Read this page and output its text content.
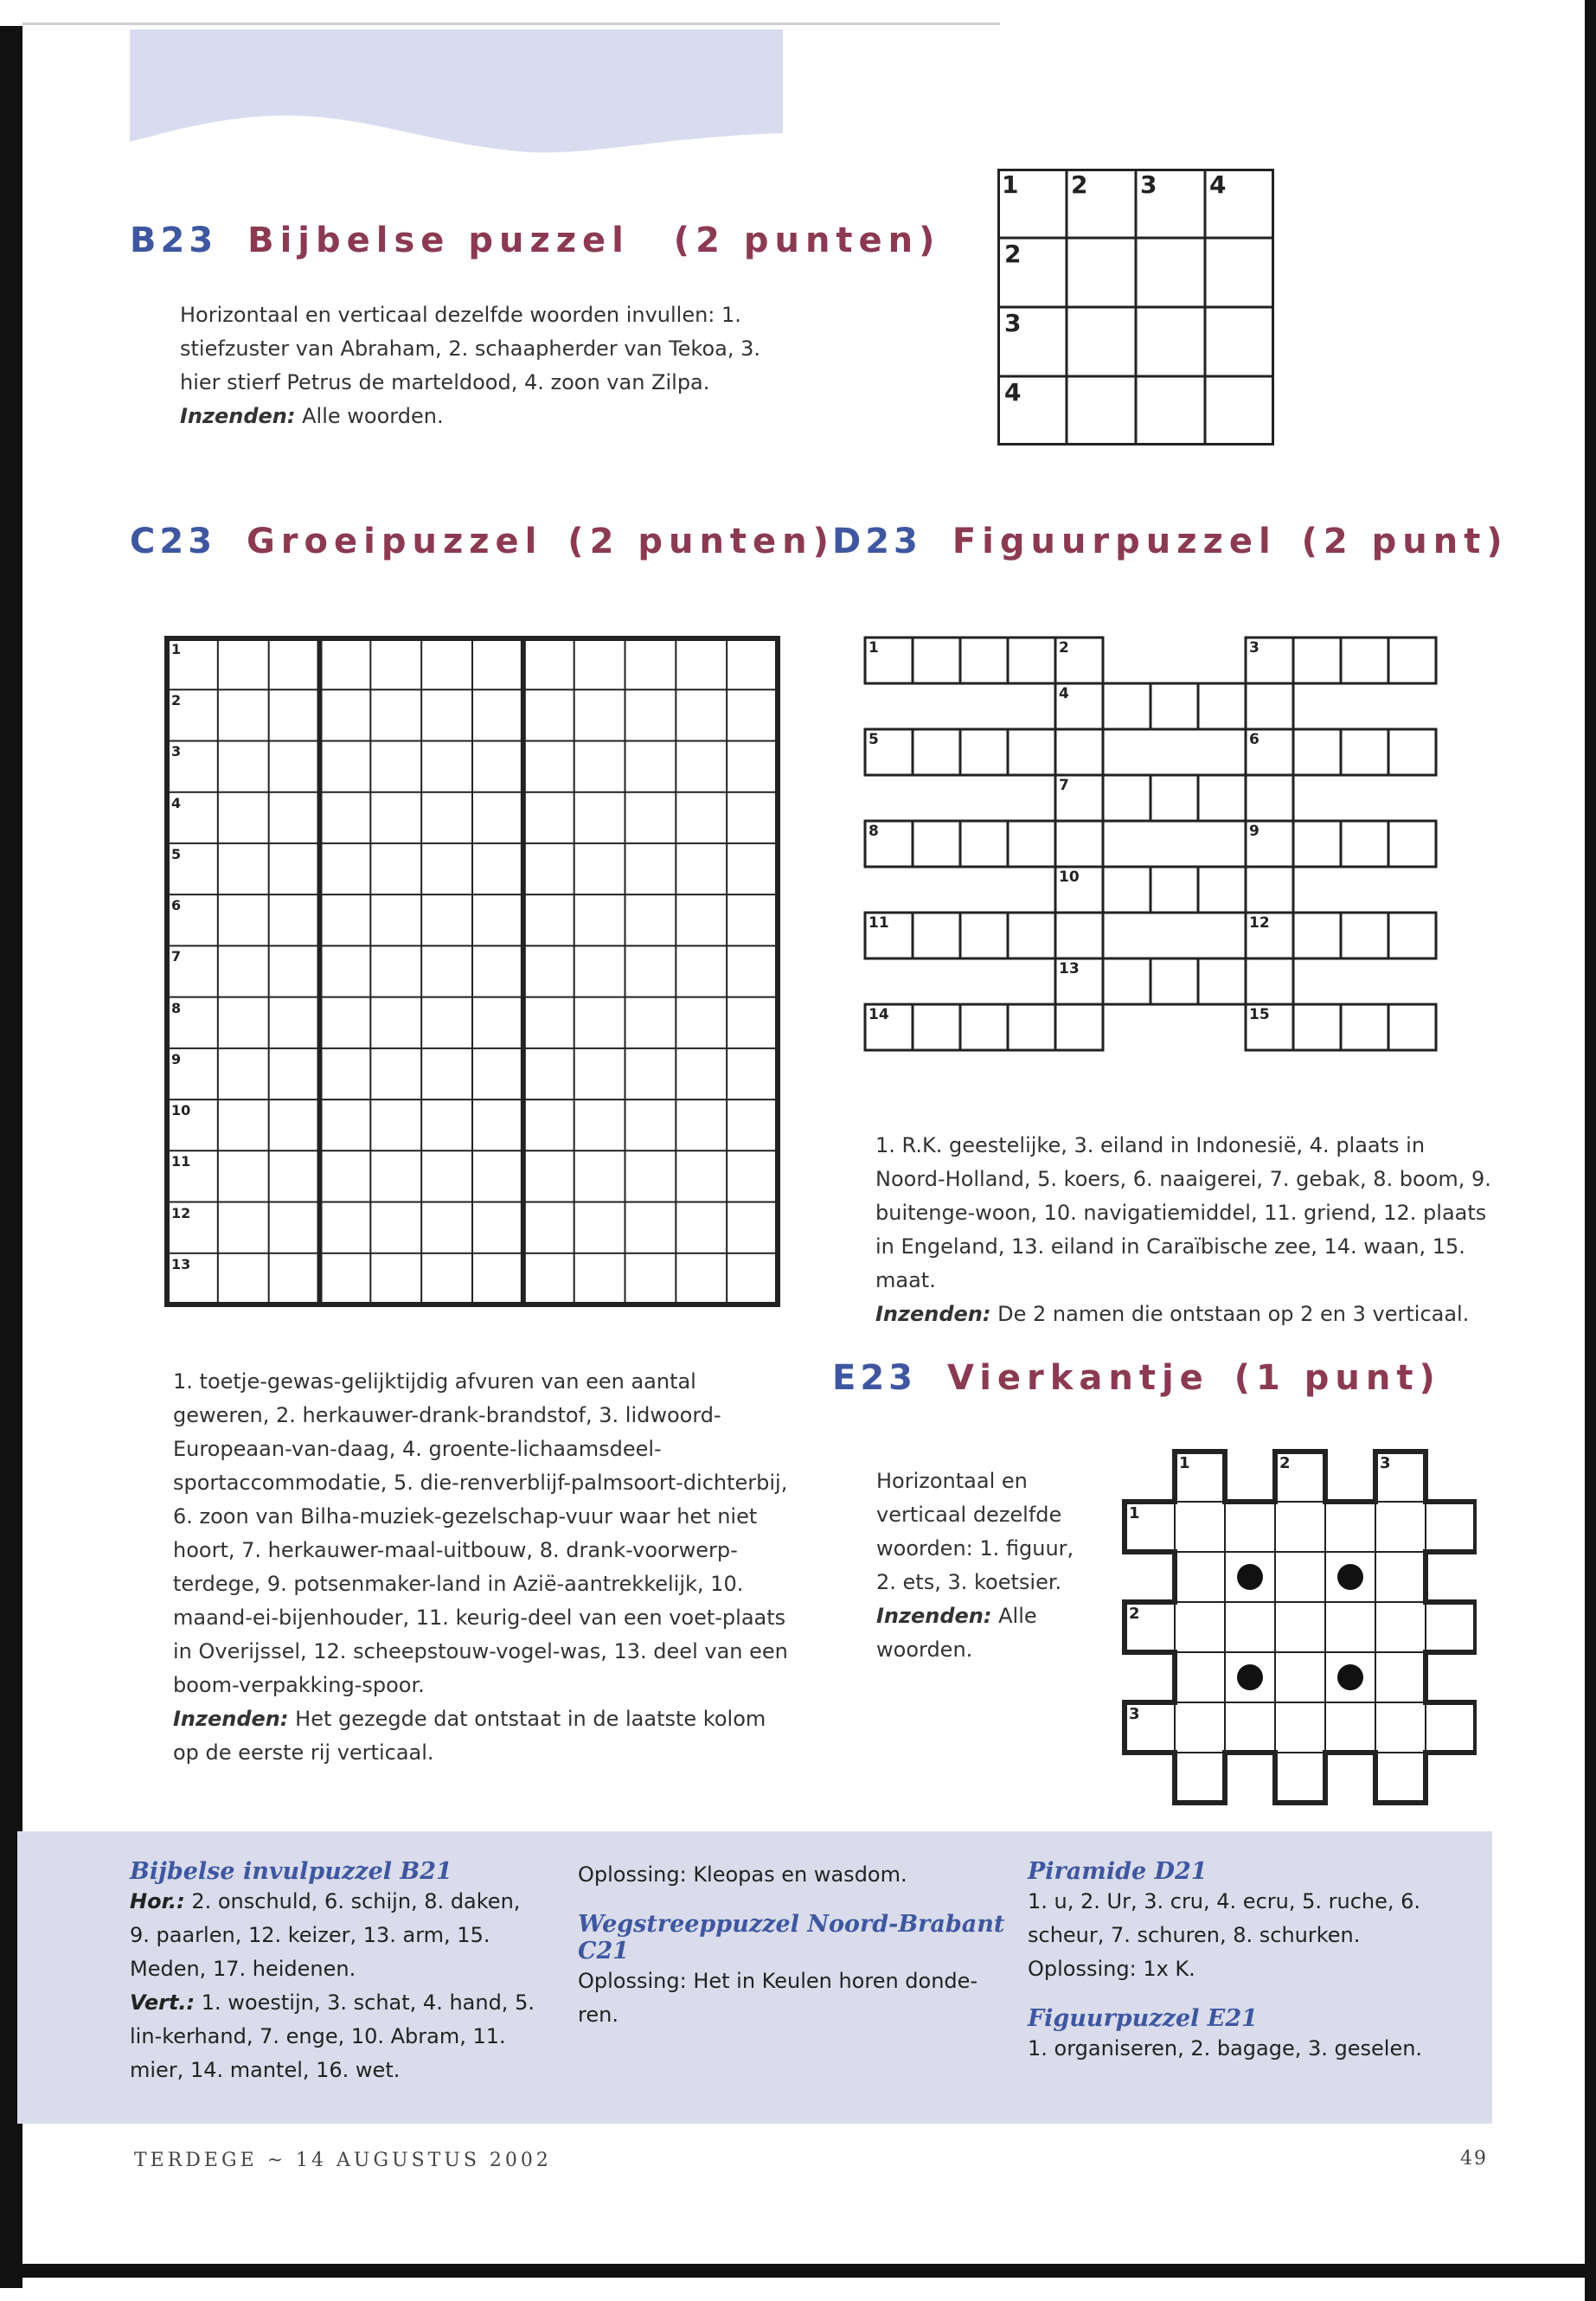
B23 Bijbelse puzzel (2 punten)
Horizontaal en verticaal dezelfde woorden invullen: 1. stiefzuster van Abraham, 2. schaapherder van Tekoa, 3. hier stierf Petrus de marteldood, 4. zoon van Zilpa.
Inzenden: Alle woorden.
1 2 3 4
2
3
4
C23 Groeipuzzel (2 punten)
1
2
3
4
5
6
7
8
9
10
11
12
13
1. toetje-gewas-gelijktijdig afvuren van een aantal geweren, 2. herkauwer-drank-brandstof, 3. lidwoord-Europeaan-van-daag, 4. groente-lichaamsdeel-sportaccommodatie, 5. die-renverblijf-palmsoort-dichterbij, 6. zoon van Bilha-muziek-gezelschap-vuur waar het niet hoort, 7. herkauwer-maal-uitbouw, 8. drank-voorwerp-terdege, 9. potsenmaker-land in Azië-aantrekkelijk, 10. maand-ei-bijenhouder, 11. keurig-deel van een voet-plaats in Overijssel, 12. scheepstouw-vogel-was, 13. deel van een boom-verpakking-spoor.
Inzenden: Het gezegde dat ontstaat in de laatste kolom op de eerste rij verticaal.
D23 Figuurpuzzel (2 punt)
1	2	3
4
5	6
7
8	9
10
11	12
13
14	15
1. R.K. geestelijke, 3. eiland in Indonesië, 4. plaats in Noord-Holland, 5. koers, 6. naaigerei, 7. gebak, 8. boom, 9. buitenge-woon, 10. navigatiemiddel, 11. griend, 12. plaats in Engeland, 13. eiland in Caraïbische zee, 14. waan, 15. maat.
Inzenden: De 2 namen die ontstaan op 2 en 3 verticaal.
E23 Vierkantje (1 punt)
Horizontaal en verticaal dezelfde woorden: 1. figuur, 2. ets, 3. koetsier.
Inzenden: Alle woorden.
1	2	3
1
2
3
Bijbelse invulpuzzel B21
Hor.: 2. onschuld, 6. schijn, 8. daken, 9. paarlen, 12. keizer, 13. arm, 15. Meden, 17. heidenen.
Vert.: 1. woestijn, 3. schat, 4. hand, 5. lin-kerhand, 7. enge, 10. Abram, 11. mier, 14. mantel, 16. wet.
Oplossing: Kleopas en wasdom.
Wegstreeppuzzel Noord-Brabant C21
Oplossing: Het in Keulen horen donde-ren.
Piramide D21
1. u, 2. Ur, 3. cru, 4. ecru, 5. ruche, 6. scheur, 7. schuren, 8. schurken.
Oplossing: 1x K.
Figuurpuzzel E21
1. organiseren, 2. bagage, 3. geselen.
TERDEGE ~ 14 AUGUSTUS 2002	49
